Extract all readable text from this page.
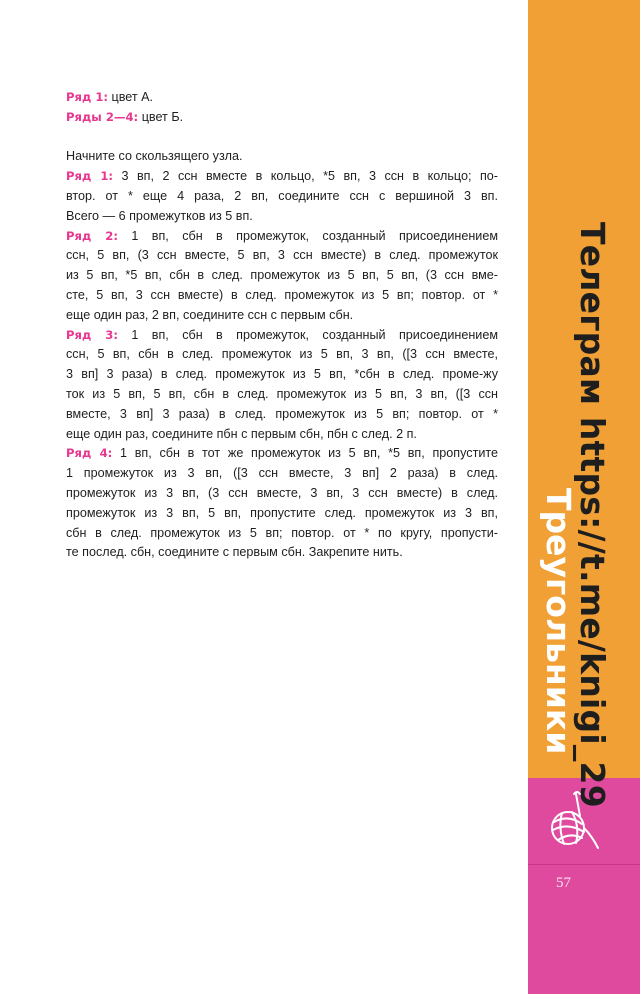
Ряд 1: цвет А.
Ряды 2—4: цвет Б.
Начните со скользящего узла.
Ряд 1: 3 вп, 2 ссн вместе в кольцо, *5 вп, 3 ссн в кольцо; по-
втор. от * еще 4 раза, 2 вп, соедините ссн с вершиной 3 вп.
Всего — 6 промежутков из 5 вп.
Ряд 2: 1 вп, сбн в промежуток, созданный присоединением
ссн, 5 вп, (3 ссн вместе, 5 вп, 3 ссн вместе) в след. промежуток
из 5 вп, *5 вп, сбн в след. промежуток из 5 вп, 5 вп, (3 ссн вме-
сте, 5 вп, 3 ссн вместе) в след. промежуток из 5 вп; повтор. от *
еще один раз, 2 вп, соедините ссн с первым сбн.
Ряд 3: 1 вп, сбн в промежуток, созданный присоединением
ссн, 5 вп, сбн в след. промежуток из 5 вп, 3 вп, ([3 ссн вместе,
3 вп] 3 раза) в след. промежуток из 5 вп, *сбн в след. проме-жу
ток из 5 вп, 5 вп, сбн в след. промежуток из 5 вп, 3 вп, ([3 ссн
вместе, 3 вп] 3 раза) в след. промежуток из 5 вп; повтор. от *
еще один раз, соедините пбн с первым сбн, пбн с след. 2 п.
Ряд 4: 1 вп, сбн в тот же промежуток из 5 вп, *5 вп, пропустите
1 промежуток из 3 вп, ([3 ссн вместе, 3 вп] 2 раза) в след.
промежуток из 3 вп, (3 ссн вместе, 3 вп, 3 ссн вместе) в след.
промежуток из 3 вп, 5 вп, пропустите след. промежуток из 3 вп,
сбн в след. промежуток из 5 вп; повтор. от * по кругу, пропусти-
те послед. сбн, соедините с первым сбн. Закрепите нить.	Телеграм https://t.me/knigi_29
Треугольники
57
